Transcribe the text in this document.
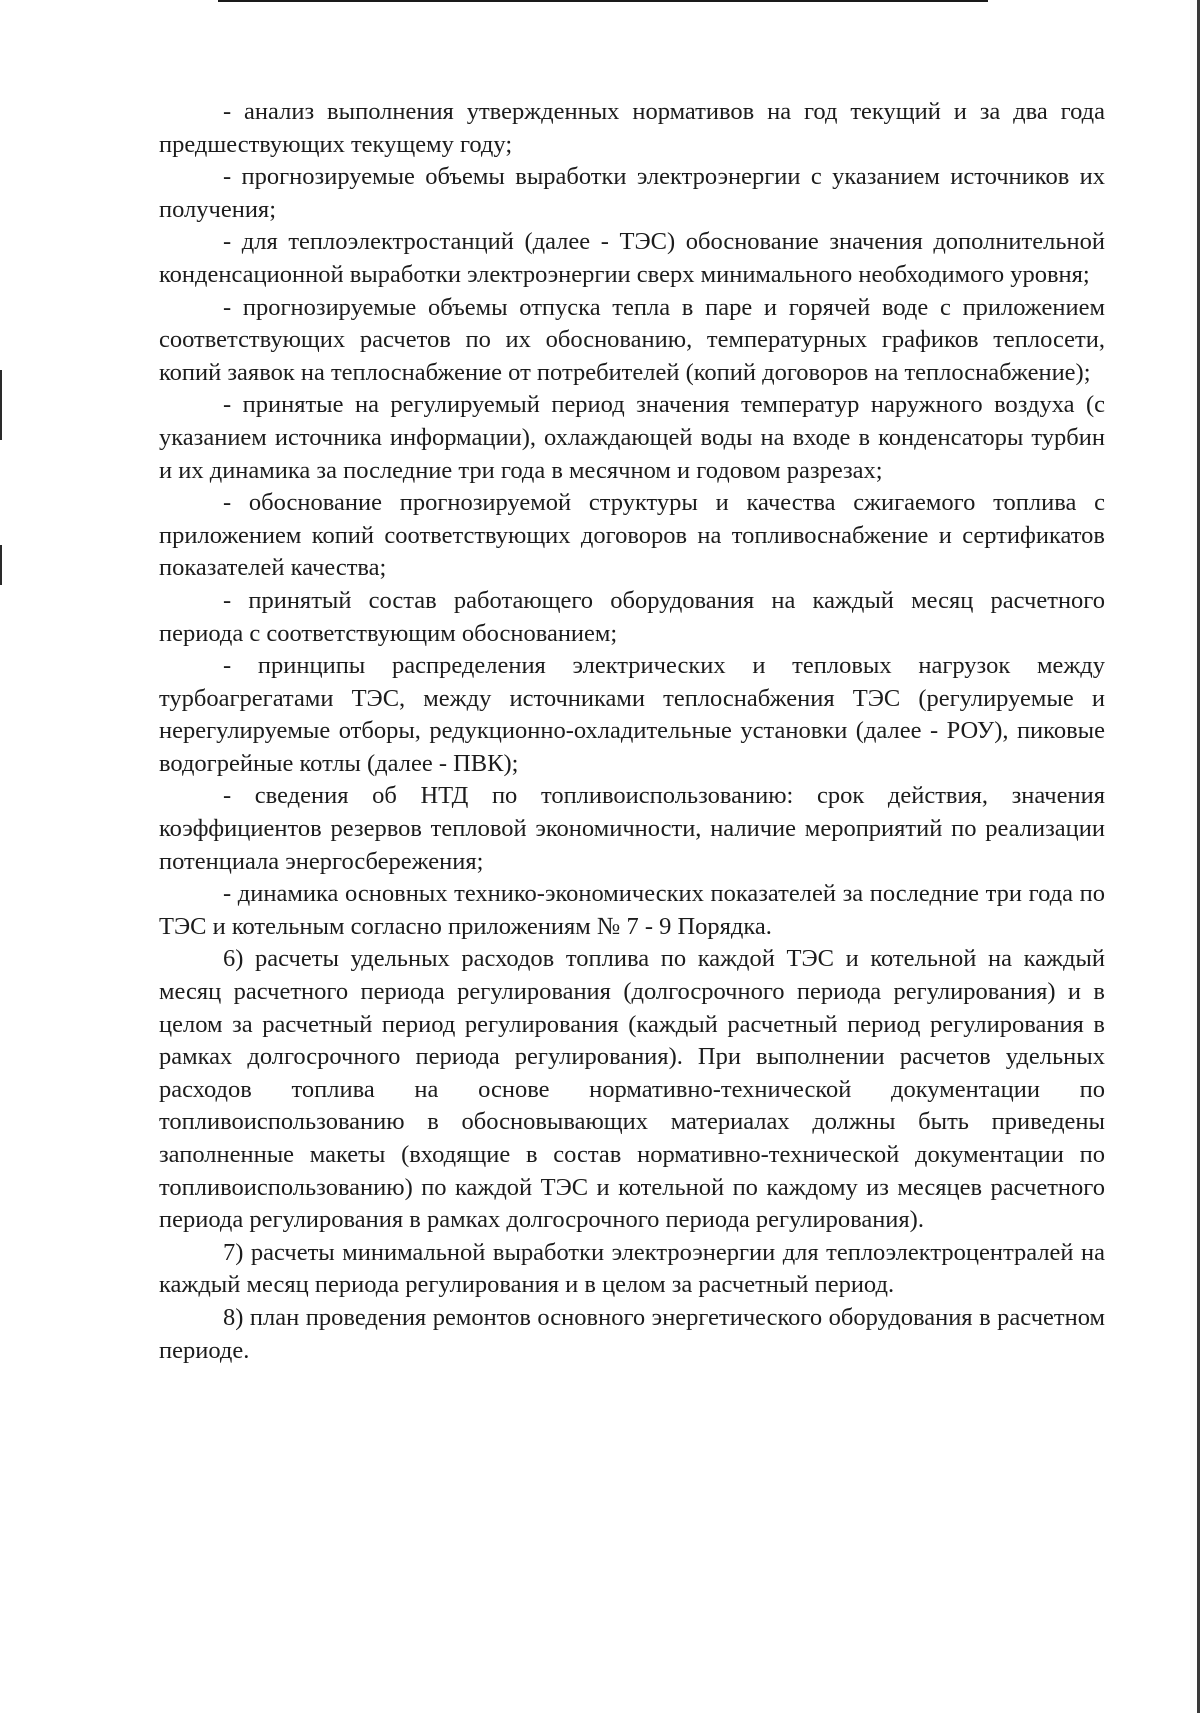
- анализ выполнения утвержденных нормативов на год текущий и за два года предшествующих текущему году;

- прогнозируемые объемы выработки электроэнергии с указанием источников их получения;

- для теплоэлектростанций (далее - ТЭС) обоснование значения дополнительной конденсационной выработки электроэнергии сверх минимального необходимого уровня;

- прогнозируемые объемы отпуска тепла в паре и горячей воде с приложением соответствующих расчетов по их обоснованию, температурных графиков теплосети, копий заявок на теплоснабжение от потребителей (копий договоров на теплоснабжение);

- принятые на регулируемый период значения температур наружного воздуха (с указанием источника информации), охлаждающей воды на входе в конденсаторы турбин и их динамика за последние три года в месячном и годовом разрезах;

- обоснование прогнозируемой структуры и качества сжигаемого топлива с приложением копий соответствующих договоров на топливоснабжение и сертификатов показателей качества;

- принятый состав работающего оборудования на каждый месяц расчетного периода с соответствующим обоснованием;

- принципы распределения электрических и тепловых нагрузок между турбоагрегатами ТЭС, между источниками теплоснабжения ТЭС (регулируемые и нерегулируемые отборы, редукционно-охладительные установки (далее - РОУ), пиковые водогрейные котлы (далее - ПВК);

- сведения об НТД по топливоиспользованию: срок действия, значения коэффициентов резервов тепловой экономичности, наличие мероприятий по реализации потенциала энергосбережения;

- динамика основных технико-экономических показателей за последние три года по ТЭС и котельным согласно приложениям № 7 - 9 Порядка.

6) расчеты удельных расходов топлива по каждой ТЭС и котельной на каждый месяц расчетного периода регулирования (долгосрочного периода регулирования) и в целом за расчетный период регулирования (каждый расчетный период регулирования в рамках долгосрочного периода регулирования). При выполнении расчетов удельных расходов топлива на основе нормативно-технической документации по топливоиспользованию в обосновывающих материалах должны быть приведены заполненные макеты (входящие в состав нормативно-технической документации по топливоиспользованию) по каждой ТЭС и котельной по каждому из месяцев расчетного периода регулирования в рамках долгосрочного периода регулирования).

7) расчеты минимальной выработки электроэнергии для теплоэлектроцентралей на каждый месяц периода регулирования и в целом за расчетный период.

8) план проведения ремонтов основного энергетического оборудования в расчетном периоде.
